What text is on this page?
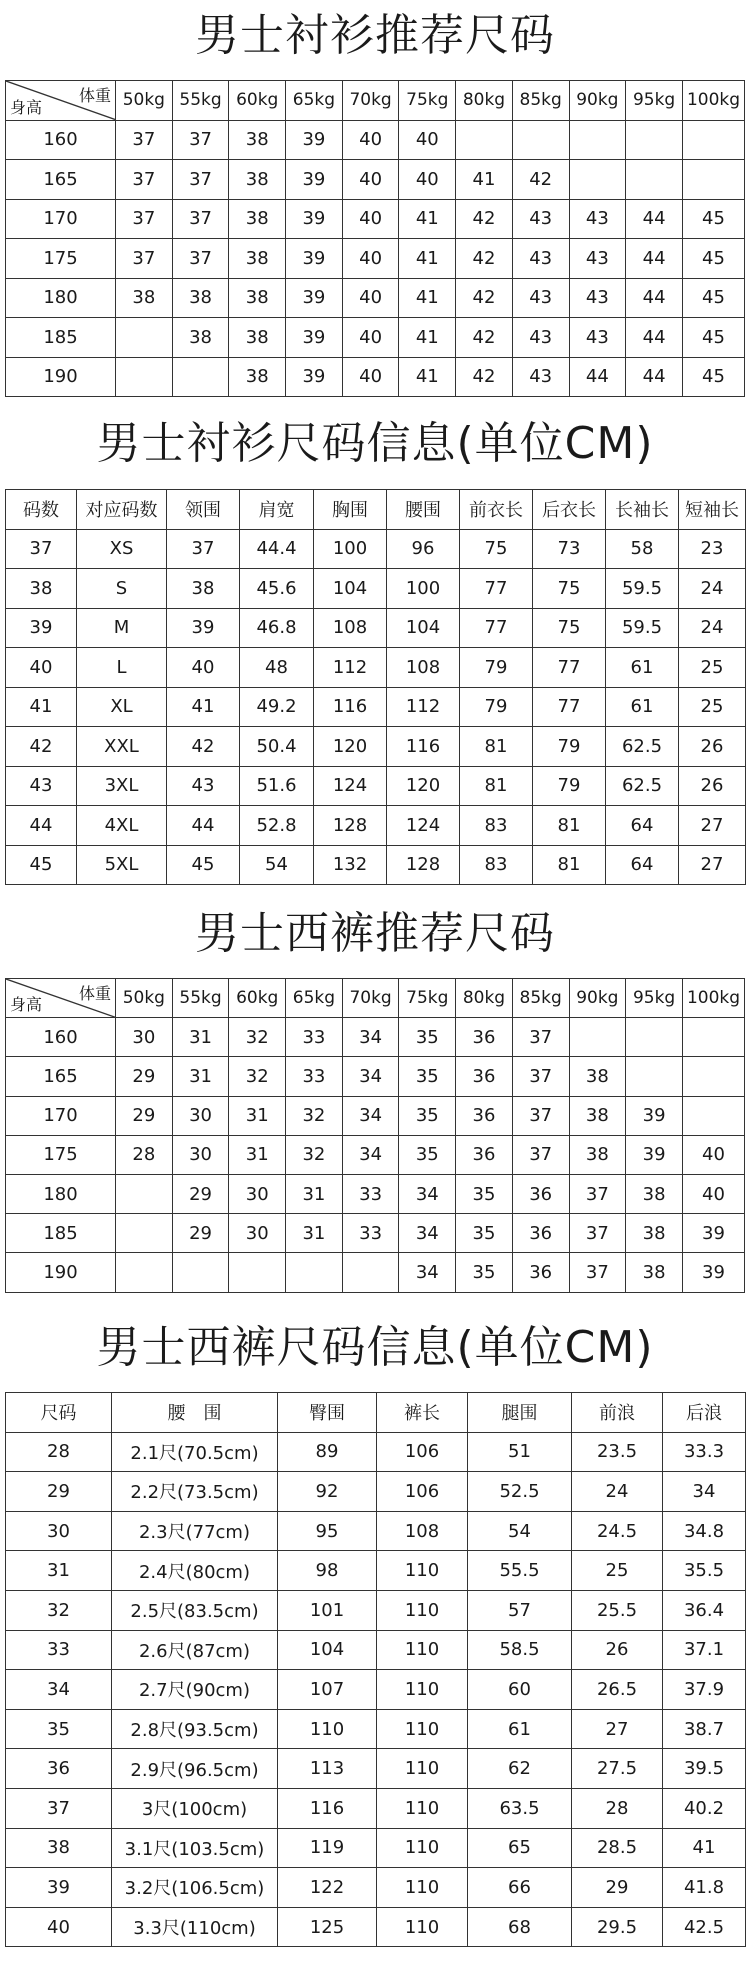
男士衬衫推荐尺码
体重
身高	50kg	55kg	60kg	65kg	70kg	75kg	80kg	85kg	90kg	95kg	100kg
160	37	37	38	39	40	40					
165	37	37	38	39	40	40	41	42			
170	37	37	38	39	40	41	42	43	43	44	45
175	37	37	38	39	40	41	42	43	43	44	45
180	38	38	38	39	40	41	42	43	43	44	45
185		38	38	39	40	41	42	43	43	44	45
190			38	39	40	41	42	43	44	44	45
男士衬衫尺码信息(单位CM)
码数	对应码数	领围	肩宽	胸围	腰围	前衣长	后衣长	长袖长	短袖长
37	XS	37	44.4	100	96	75	73	58	23
38	S	38	45.6	104	100	77	75	59.5	24
39	M	39	46.8	108	104	77	75	59.5	24
40	L	40	48	112	108	79	77	61	25
41	XL	41	49.2	116	112	79	77	61	25
42	XXL	42	50.4	120	116	81	79	62.5	26
43	3XL	43	51.6	124	120	81	79	62.5	26
44	4XL	44	52.8	128	124	83	81	64	27
45	5XL	45	54	132	128	83	81	64	27
男士西裤推荐尺码
体重
身高	50kg	55kg	60kg	65kg	70kg	75kg	80kg	85kg	90kg	95kg	100kg
160	30	31	32	33	34	35	36	37			
165	29	31	32	33	34	35	36	37	38		
170	29	30	31	32	34	35	36	37	38	39	
175	28	30	31	32	34	35	36	37	38	39	40
180		29	30	31	33	34	35	36	37	38	40
185		29	30	31	33	34	35	36	37	38	39
190						34	35	36	37	38	39
男士西裤尺码信息(单位CM)
尺码	腰　围	臀围	裤长	腿围	前浪	后浪
28	2.1尺(70.5cm)	89	106	51	23.5	33.3
29	2.2尺(73.5cm)	92	106	52.5	24	34
30	2.3尺(77cm)	95	108	54	24.5	34.8
31	2.4尺(80cm)	98	110	55.5	25	35.5
32	2.5尺(83.5cm)	101	110	57	25.5	36.4
33	2.6尺(87cm)	104	110	58.5	26	37.1
34	2.7尺(90cm)	107	110	60	26.5	37.9
35	2.8尺(93.5cm)	110	110	61	27	38.7
36	2.9尺(96.5cm)	113	110	62	27.5	39.5
37	3尺(100cm)	116	110	63.5	28	40.2
38	3.1尺(103.5cm)	119	110	65	28.5	41
39	3.2尺(106.5cm)	122	110	66	29	41.8
40	3.3尺(110cm)	125	110	68	29.5	42.5
